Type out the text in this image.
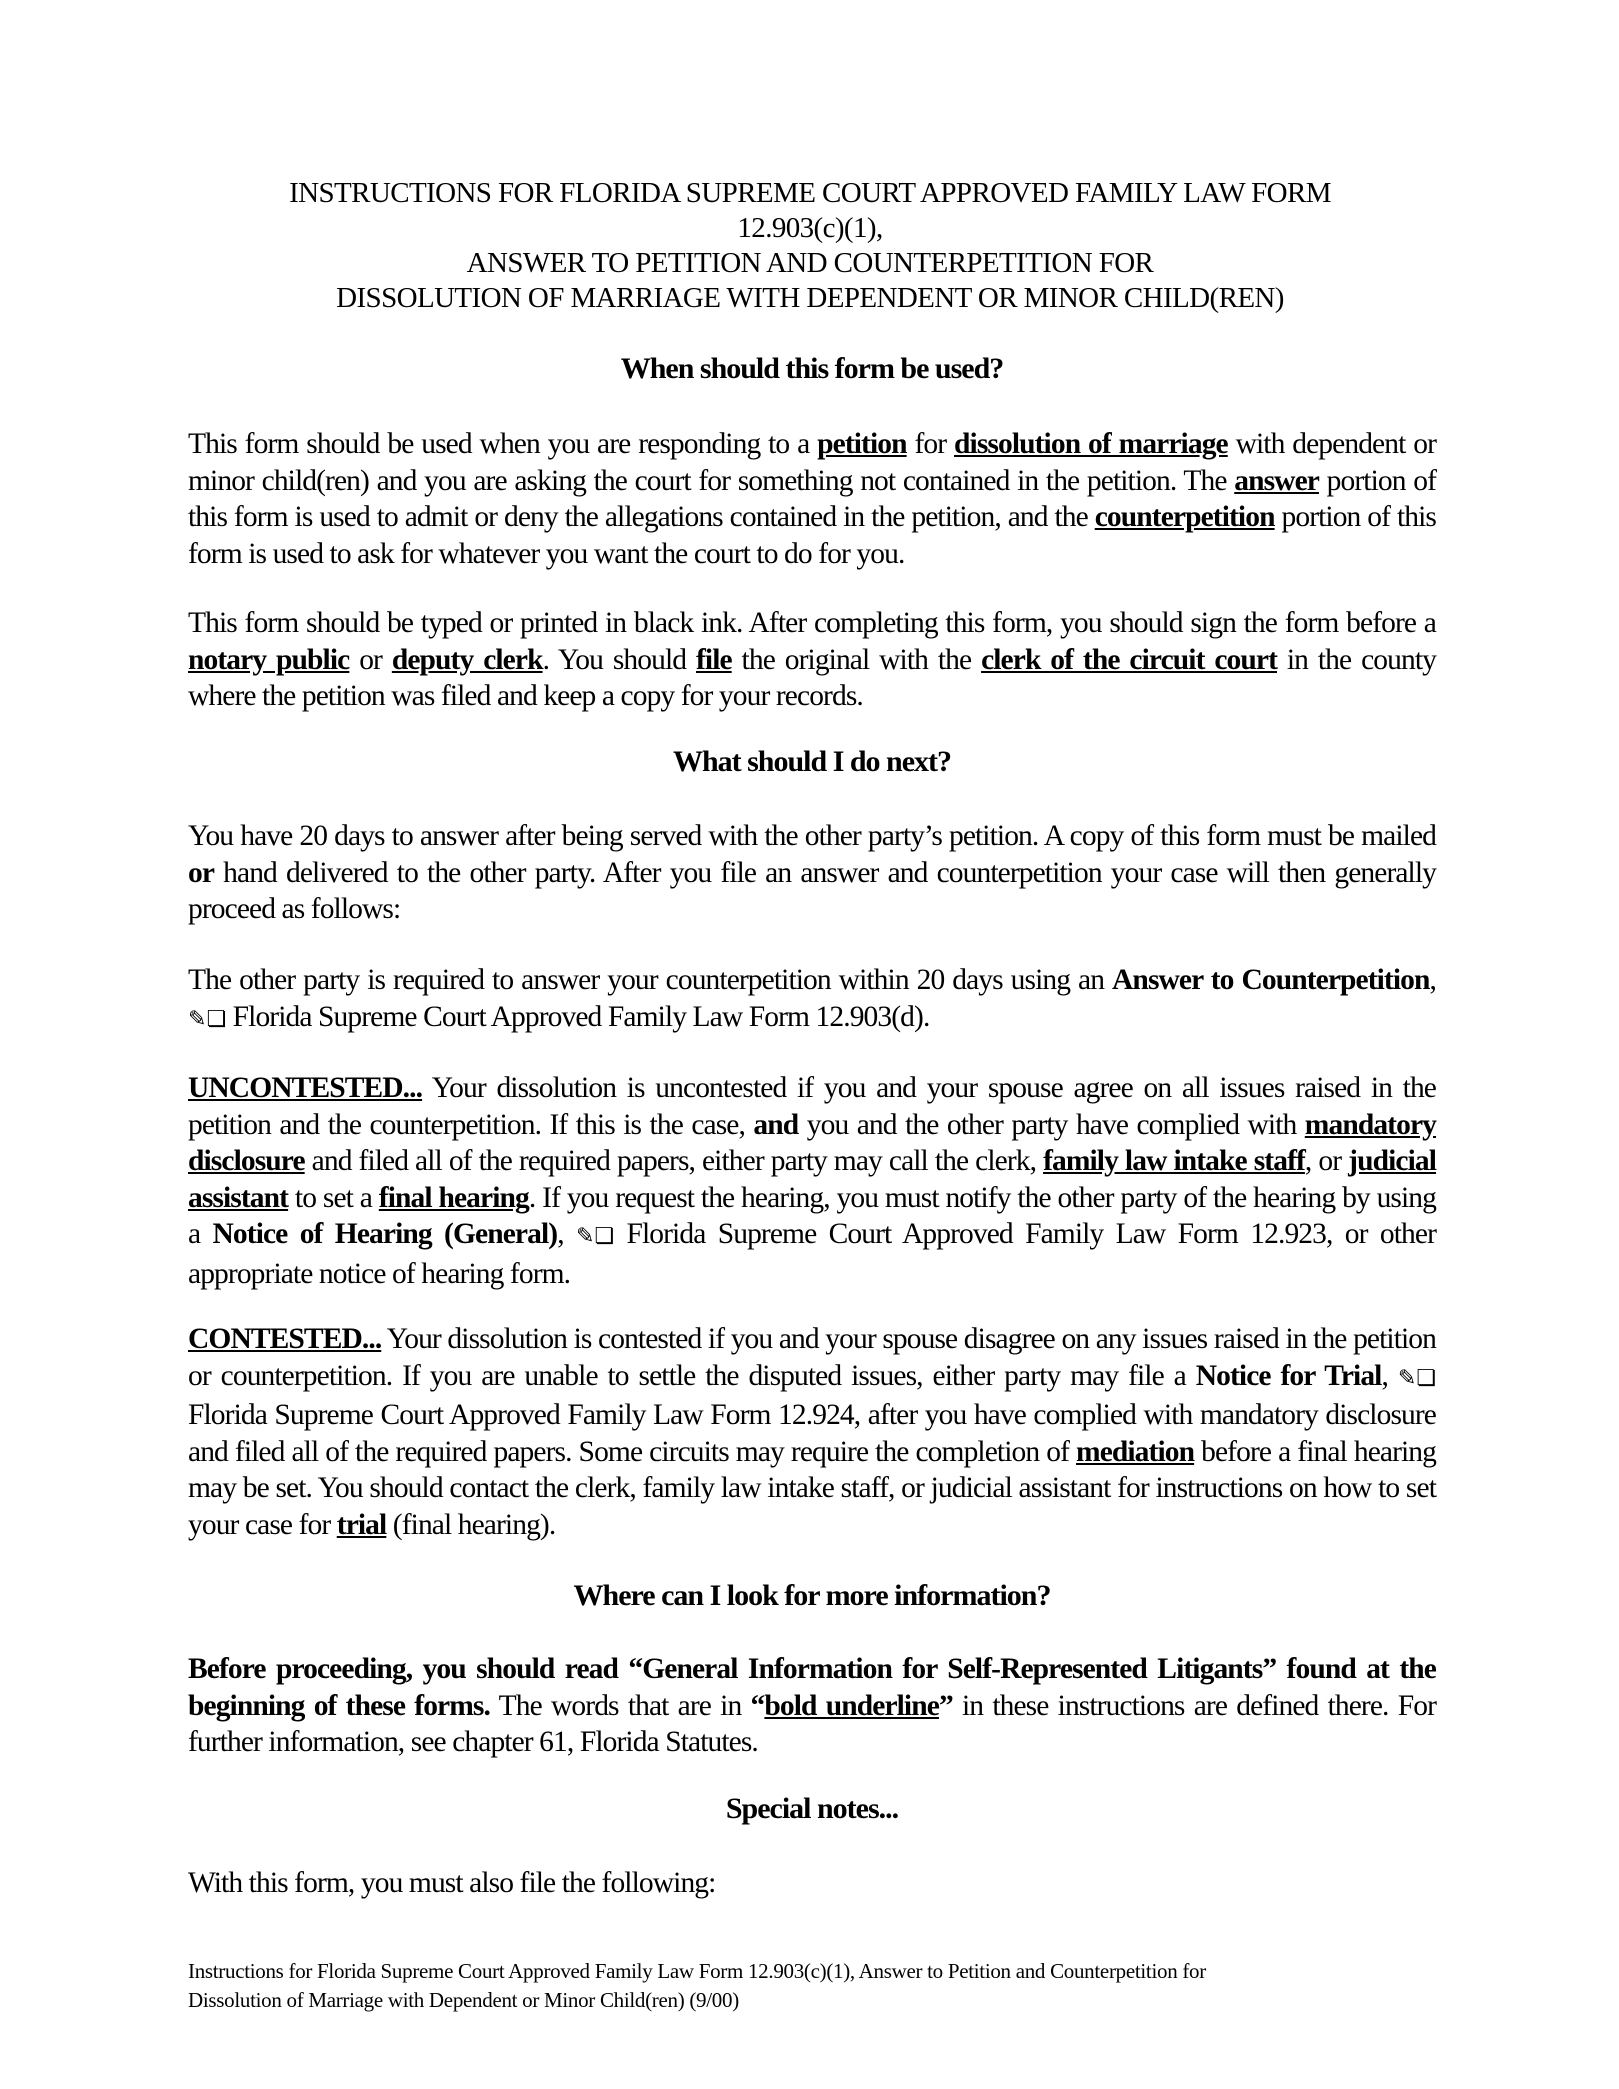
INSTRUCTIONS FOR FLORIDA SUPREME COURT APPROVED FAMILY LAW FORM
12.903(c)(1),
ANSWER TO PETITION AND COUNTERPETITION FOR
DISSOLUTION OF MARRIAGE WITH DEPENDENT OR MINOR CHILD(REN)
When should this form be used?

This form should be used when you are responding to a petition for dissolution of marriage with dependent or minor child(ren) and you are asking the court for something not contained in the petition. The answer portion of this form is used to admit or deny the allegations contained in the petition, and the counterpetition portion of this form is used to ask for whatever you want the court to do for you.

This form should be typed or printed in black ink. After completing this form, you should sign the form before a notary public or deputy clerk. You should file the original with the clerk of the circuit court in the county where the petition was filed and keep a copy for your records.

What should I do next?

You have 20 days to answer after being served with the other party’s petition. A copy of this form must be mailed or hand delivered to the other party. After you file an answer and counterpetition your case will then generally proceed as follows:

The other party is required to answer your counterpetition within 20 days using an Answer to Counterpetition, ✎❏ Florida Supreme Court Approved Family Law Form 12.903(d).

UNCONTESTED... Your dissolution is uncontested if you and your spouse agree on all issues raised in the petition and the counterpetition. If this is the case, and you and the other party have complied with mandatory disclosure and filed all of the required papers, either party may call the clerk, family law intake staff, or judicial assistant to set a final hearing. If you request the hearing, you must notify the other party of the hearing by using a Notice of Hearing (General), ✎❏ Florida Supreme Court Approved Family Law Form 12.923, or other appropriate notice of hearing form.

CONTESTED... Your dissolution is contested if you and your spouse disagree on any issues raised in the petition or counterpetition. If you are unable to settle the disputed issues, either party may file a Notice for Trial, ✎❏ Florida Supreme Court Approved Family Law Form 12.924, after you have complied with mandatory disclosure and filed all of the required papers. Some circuits may require the completion of mediation before a final hearing may be set. You should contact the clerk, family law intake staff, or judicial assistant for instructions on how to set your case for trial (final hearing).

Where can I look for more information?

Before proceeding, you should read “General Information for Self-Represented Litigants” found at the beginning of these forms. The words that are in “bold underline” in these instructions are defined there. For further information, see chapter 61, Florida Statutes.

Special notes...

With this form, you must also file the following:

Instructions for Florida Supreme Court Approved Family Law Form 12.903(c)(1), Answer to Petition and Counterpetition for
Dissolution of Marriage with Dependent or Minor Child(ren) (9/00)
